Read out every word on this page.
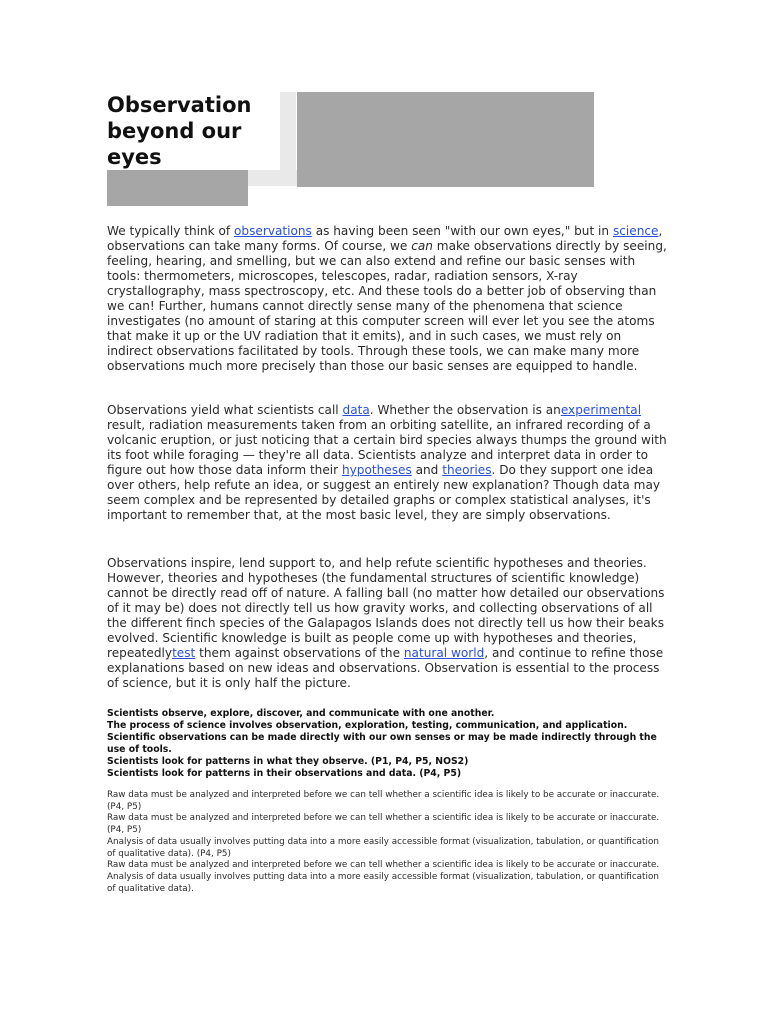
Observation beyond our eyes

We typically think of observations as having been seen "with our own eyes," but in science, observations can take many forms. Of course, we can make observations directly by seeing, feeling, hearing, and smelling, but we can also extend and refine our basic senses with tools: thermometers, microscopes, telescopes, radar, radiation sensors, X-ray crystallography, mass spectroscopy, etc. And these tools do a better job of observing than we can! Further, humans cannot directly sense many of the phenomena that science investigates (no amount of staring at this computer screen will ever let you see the atoms that make it up or the UV radiation that it emits), and in such cases, we must rely on indirect observations facilitated by tools. Through these tools, we can make many more observations much more precisely than those our basic senses are equipped to handle.

Observations yield what scientists call data. Whether the observation is anexperimental result, radiation measurements taken from an orbiting satellite, an infrared recording of a volcanic eruption, or just noticing that a certain bird species always thumps the ground with its foot while foraging — they're all data. Scientists analyze and interpret data in order to figure out how those data inform their hypotheses and theories. Do they support one idea over others, help refute an idea, or suggest an entirely new explanation? Though data may seem complex and be represented by detailed graphs or complex statistical analyses, it's important to remember that, at the most basic level, they are simply observations.

Observations inspire, lend support to, and help refute scientific hypotheses and theories. However, theories and hypotheses (the fundamental structures of scientific knowledge) cannot be directly read off of nature. A falling ball (no matter how detailed our observations of it may be) does not directly tell us how gravity works, and collecting observations of all the different finch species of the Galapagos Islands does not directly tell us how their beaks evolved. Scientific knowledge is built as people come up with hypotheses and theories, repeatedlytest them against observations of the natural world, and continue to refine those explanations based on new ideas and observations. Observation is essential to the process of science, but it is only half the picture.

Scientists observe, explore, discover, and communicate with one another.
The process of science involves observation, exploration, testing, communication, and application.
Scientific observations can be made directly with our own senses or may be made indirectly through the use of tools.
Scientists look for patterns in what they observe. (P1, P4, P5, NOS2)
Scientists look for patterns in their observations and data. (P4, P5)
Raw data must be analyzed and interpreted before we can tell whether a scientific idea is likely to be accurate or inaccurate. (P4, P5)
Raw data must be analyzed and interpreted before we can tell whether a scientific idea is likely to be accurate or inaccurate. (P4, P5)
Analysis of data usually involves putting data into a more easily accessible format (visualization, tabulation, or quantification of qualitative data). (P4, P5)
Raw data must be analyzed and interpreted before we can tell whether a scientific idea is likely to be accurate or inaccurate.
Analysis of data usually involves putting data into a more easily accessible format (visualization, tabulation, or quantification of qualitative data).
